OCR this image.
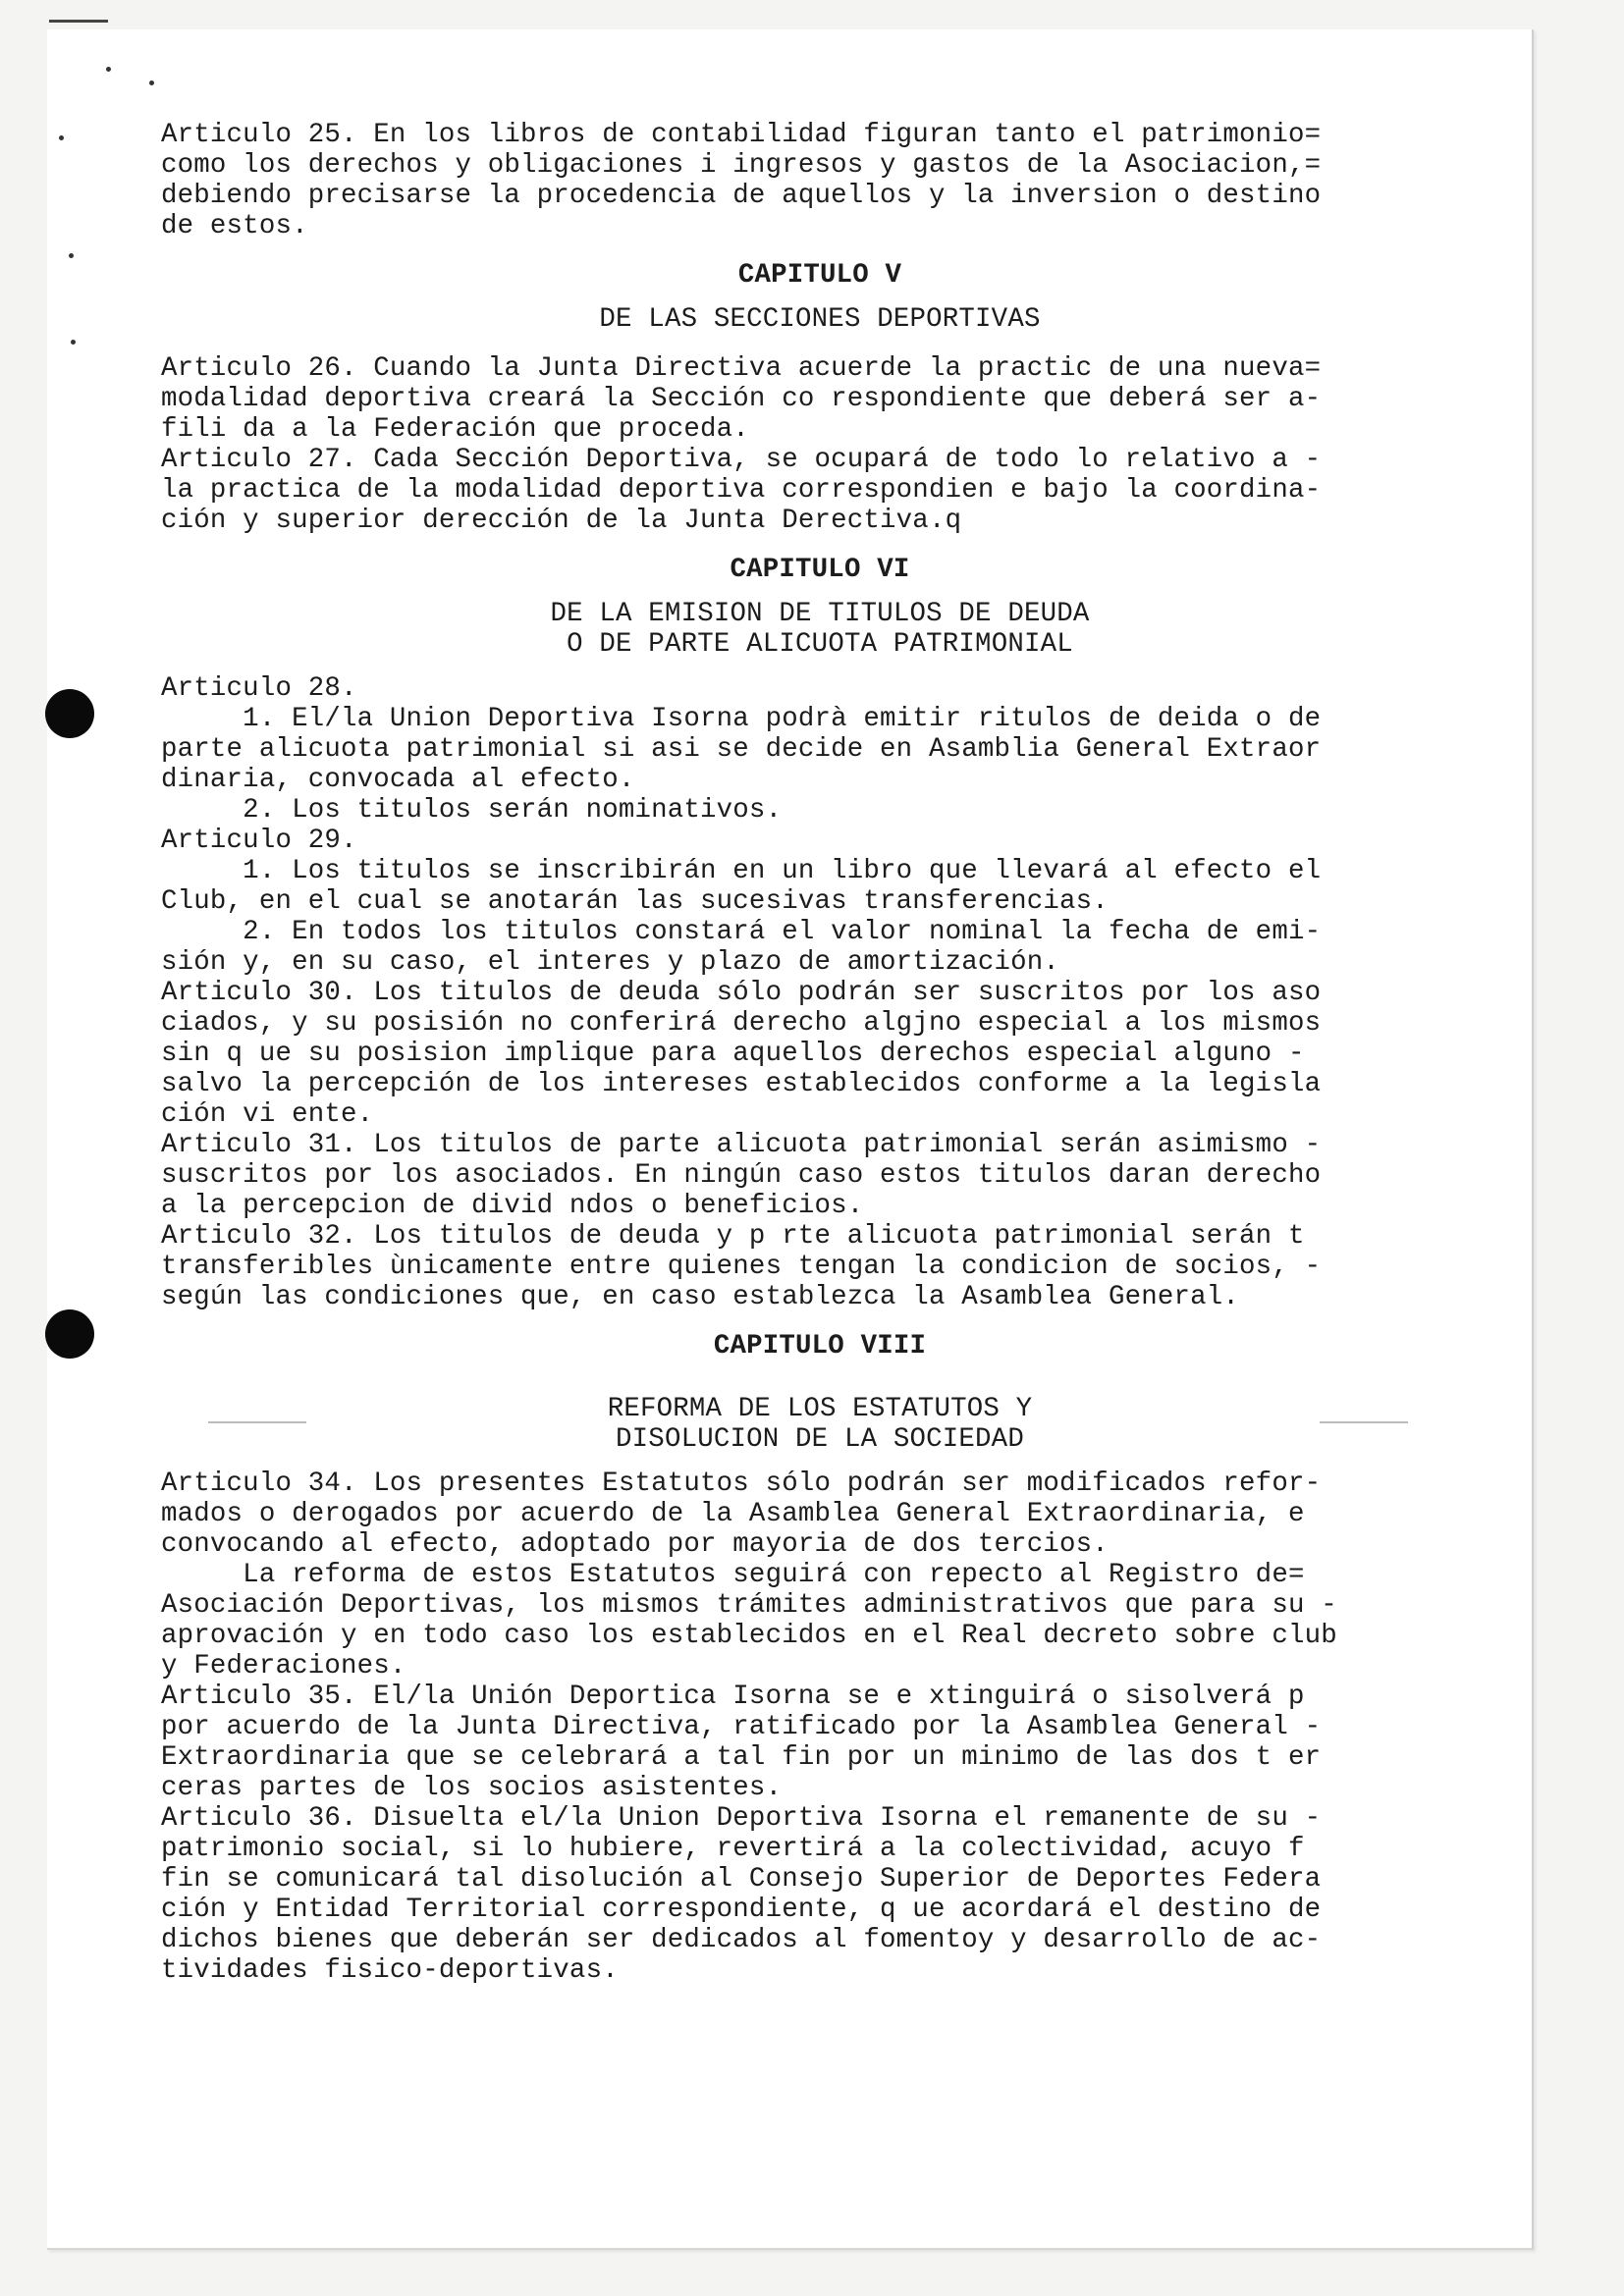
Articulo 25. En los libros de contabilidad figuran tanto el patrimonio=
como los derechos y obligaciones i ingresos y gastos de la Asociacion,=
debiendo precisarse la procedencia de aquellos y la inversion o destino
de estos.
CAPITULO V
DE LAS SECCIONES DEPORTIVAS
Articulo 26. Cuando la Junta Directiva acuerde la practic de una nueva=
modalidad deportiva creará la Sección co respondiente que deberá ser a-
fili da a la Federación que proceda.
Articulo 27. Cada Sección Deportiva, se ocupará de todo lo relativo a -
la practica de la modalidad deportiva correspondien e bajo la coordina-
ción y superior derección de la Junta Derectiva.q
CAPITULO VI
DE LA EMISION DE TITULOS DE DEUDA
O DE PARTE ALICUOTA PATRIMONIAL
Articulo 28.
1. El/la Union Deportiva Isorna podrà emitir ritulos de deida o de
parte alicuota patrimonial si asi se decide en Asamblia General Extraor
dinaria, convocada al efecto.
2. Los titulos serán nominativos.
Articulo 29.
1. Los titulos se inscribirán en un libro que llevará al efecto el
Club, en el cual se anotarán las sucesivas transferencias.
2. En todos los titulos constará el valor nominal la fecha de emi-
sión y, en su caso, el interes y plazo de amortización.
Articulo 30. Los titulos de deuda sólo podrán ser suscritos por los aso
ciados, y su posisión no conferirá derecho algjno especial a los mismos
sin q ue su posision implique para aquellos derechos especial alguno -
salvo la percepción de los intereses establecidos conforme a la legisla
ción vi ente.
Articulo 31. Los titulos de parte alicuota patrimonial serán asimismo -
suscritos por los asociados. En ningún caso estos titulos daran derecho
a la percepcion de divid ndos o beneficios.
Articulo 32. Los titulos de deuda y p rte alicuota patrimonial serán t
transferibles ùnicamente entre quienes tengan la condicion de socios, -
según las condiciones que, en caso establezca la Asamblea General.
CAPITULO VIII
REFORMA DE LOS ESTATUTOS Y
DISOLUCION DE LA SOCIEDAD
Articulo 34. Los presentes Estatutos sólo podrán ser modificados refor-
mados o derogados por acuerdo de la Asamblea General Extraordinaria, e
convocando al efecto, adoptado por mayoria de dos tercios.
La reforma de estos Estatutos seguirá con repecto al Registro de=
Asociación Deportivas, los mismos trámites administrativos que para su -
aprovación y en todo caso los establecidos en el Real decreto sobre club
y Federaciones.
Articulo 35. El/la Unión Deportica Isorna se e xtinguirá o sisolverá p
por acuerdo de la Junta Directiva, ratificado por la Asamblea General -
Extraordinaria que se celebrará a tal fin por un minimo de las dos t er
ceras partes de los socios asistentes.
Articulo 36. Disuelta el/la Union Deportiva Isorna el remanente de su -
patrimonio social, si lo hubiere, revertirá a la colectividad, acuyo f
fin se comunicará tal disolución al Consejo Superior de Deportes Federa
ción y Entidad Territorial correspondiente, q ue acordará el destino de
dichos bienes que deberán ser dedicados al fomentoy y desarrollo de ac-
tividades fisico-deportivas.
